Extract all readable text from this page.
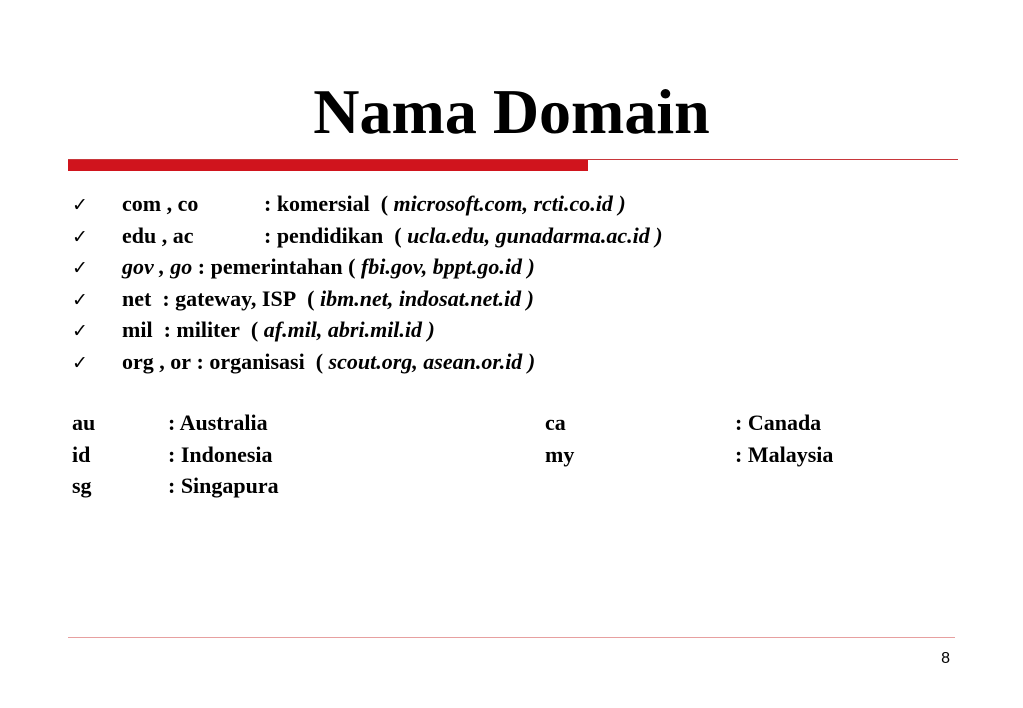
Nama Domain
✓ com , co	: komersial ( microsoft.com, rcti.co.id )
✓ edu , ac	: pendidikan ( ucla.edu, gunadarma.ac.id )
✓ gov , go : pemerintahan ( fbi.gov, bppt.go.id )
✓ net : gateway, ISP ( ibm.net, indosat.net.id )
✓ mil : militer ( af.mil, abri.mil.id )
✓ org , or : organisasi ( scout.org, asean.or.id )
au	: Australia	ca	: Canada
id	: Indonesia	my	: Malaysia
sg	: Singapura
8
